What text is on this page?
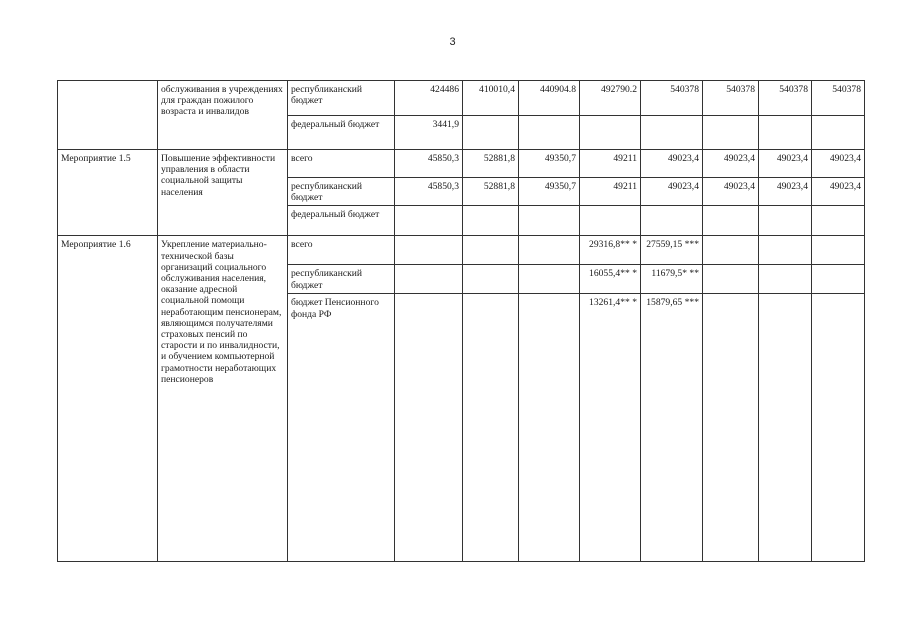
3
	обслуживания в учреждениях для граждан пожилого возраста и инвалидов	республиканский бюджет	424486	410010,4	440904.8	492790.2	540378	540378	540378	540378
		федеральный бюджет	3441,9							
Мероприятие 1.5	Повышение эффективности управления в области социальной защиты населения	всего	45850,3	52881,8	49350,7	49211	49023,4	49023,4	49023,4	49023,4
		республиканский бюджет	45850,3	52881,8	49350,7	49211	49023,4	49023,4	49023,4	49023,4
		федеральный бюджет								
Мероприятие 1.6	Укрепление материально-технической базы организаций социального обслуживания населения, оказание адресной социальной помощи неработающим пенсионерам, являющимся получателями страховых пенсий по старости и по инвалидности, и обучением компьютерной грамотности неработающих пенсионеров	всего				29316,8** *	27559,15 ***			
		республиканский бюджет				16055,4** *	11679,5* **			
		бюджет Пенсионного фонда РФ				13261,4** *	15879,65 ***			
